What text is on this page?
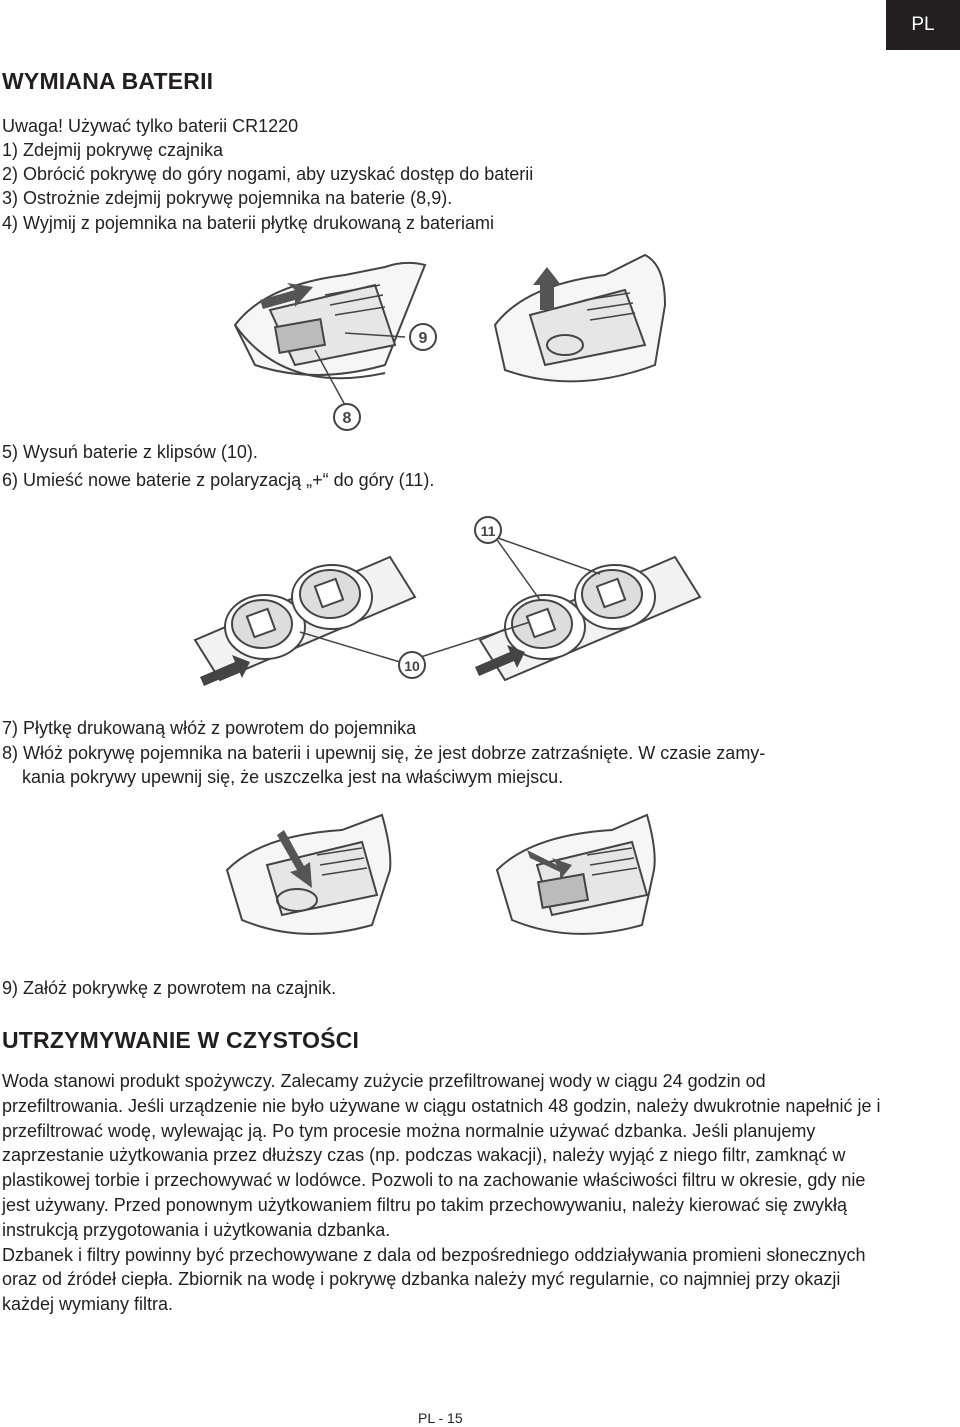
PL
WYMIANA BATERII
Uwaga! Używać tylko baterii CR1220
1) Zdejmij pokrywę czajnika
2) Obrócić pokrywę do góry nogami, aby uzyskać dostęp do baterii
3) Ostrożnie zdejmij pokrywę pojemnika na baterie (8,9).
4) Wyjmij z pojemnika na baterii płytkę drukowaną z bateriami
9
8
5) Wysuń baterie z klipsów (10).
6) Umieść nowe baterie z polaryzacją „+“ do góry (11).
10
11
7) Płytkę drukowaną włóż z powrotem do pojemnika
8) Włóż pokrywę pojemnika na baterii i upewnij się, że jest dobrze zatrzaśnięte. W czasie zamy-
kania pokrywy upewnij się, że uszczelka jest na właściwym miejscu.
9) Załóż pokrywkę z powrotem na czajnik.
UTRZYMYWANIE W CZYSTOŚCI

Woda stanowi produkt spożywczy. Zalecamy zużycie przefiltrowanej wody w ciągu 24 godzin od przefiltrowania. Jeśli urządzenie nie było używane w ciągu ostatnich 48 godzin, należy dwukrotnie napełnić je i przefiltrować wodę, wylewając ją. Po tym procesie można normalnie używać dzbanka. Jeśli planujemy zaprzestanie użytkowania przez dłuższy czas (np. podczas wakacji), należy wyjąć z niego filtr, zamknąć w plastikowej torbie i przechowywać w lodówce. Pozwoli to na zachowanie właściwości filtru w okresie, gdy nie jest używany. Przed ponownym użytkowaniem filtru po takim przechowywaniu, należy kierować się zwykłą instrukcją przygotowania i użytkowania dzbanka.

Dzbanek i filtry powinny być przechowywane z dala od bezpośredniego oddziaływania promieni słonecznych oraz od źródeł ciepła. Zbiornik na wodę i pokrywę dzbanka należy myć regularnie, co najmniej przy okazji każdej wymiany filtra.

PL - 15
